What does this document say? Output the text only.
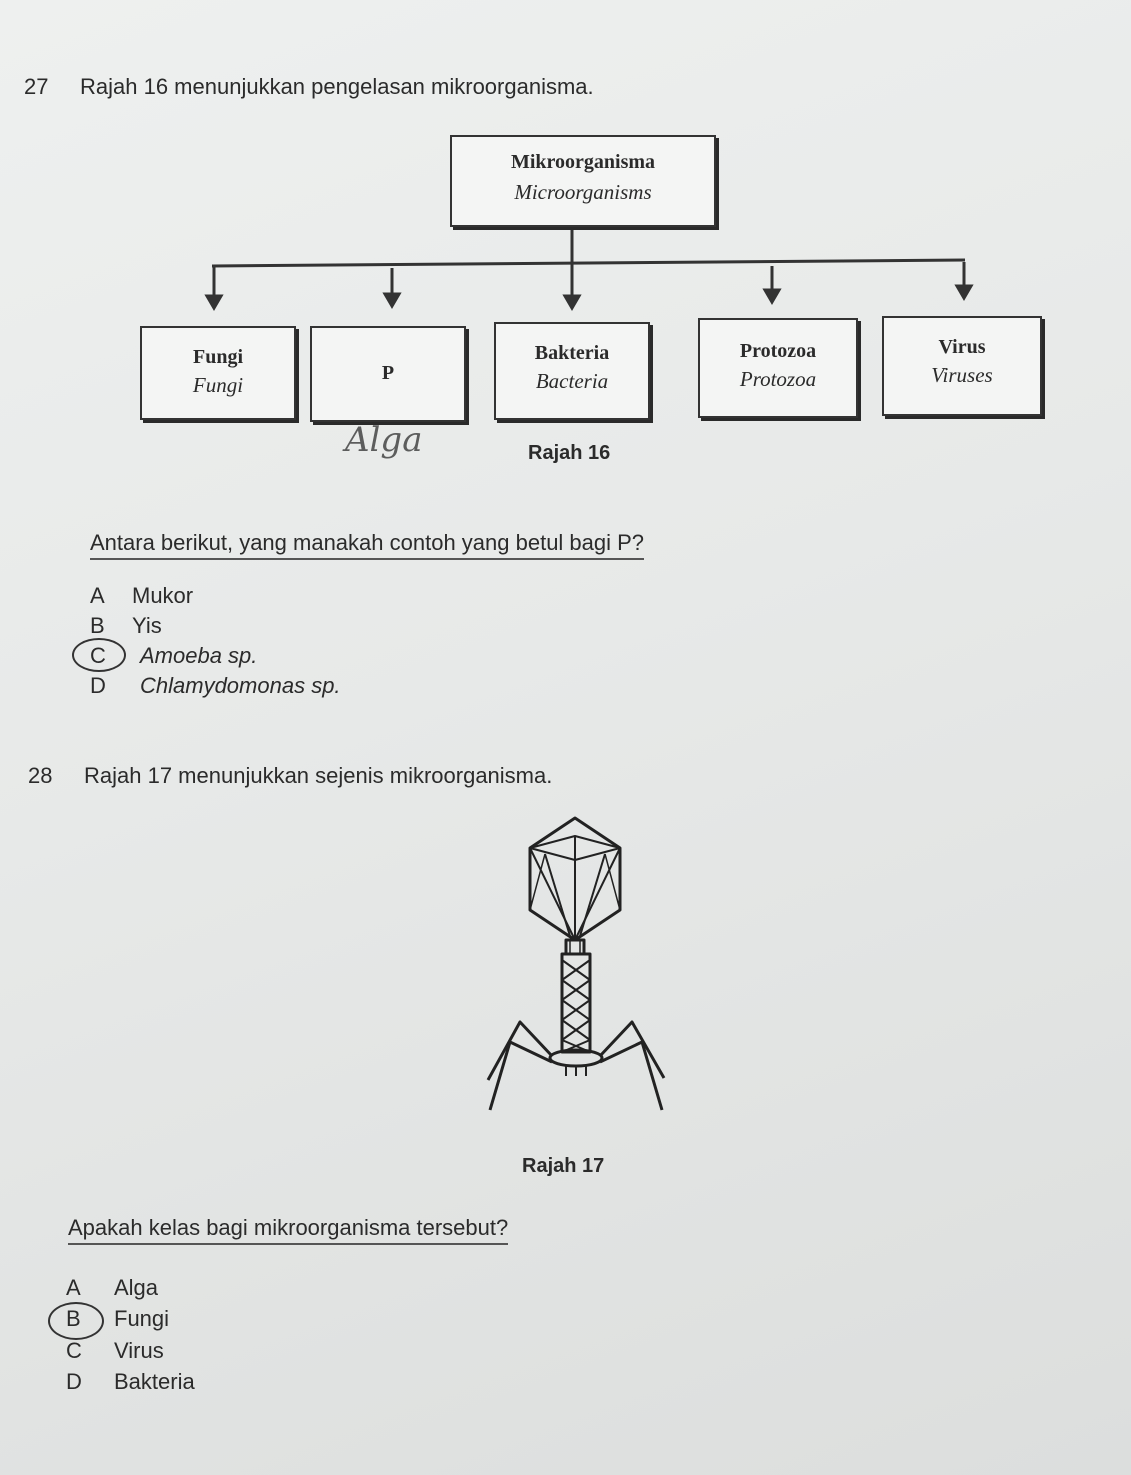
27 Rajah 16 menunjukkan pengelasan mikroorganisma.
Mikroorganisma
Microorganisms
Fungi
Fungi	P
Bakteria
Bacteria
Protozoa
Protozoa
Virus
Viruses
Alga	Rajah 16
Antara berikut, yang manakah contoh yang betul bagi P?
A Mukor
B Yis
C Amoeba sp.
D Chlamydomonas sp.
28 Rajah 17 menunjukkan sejenis mikroorganisma.
Rajah 17
Apakah kelas bagi mikroorganisma tersebut?
A Alga
B Fungi
C Virus
D Bakteria
